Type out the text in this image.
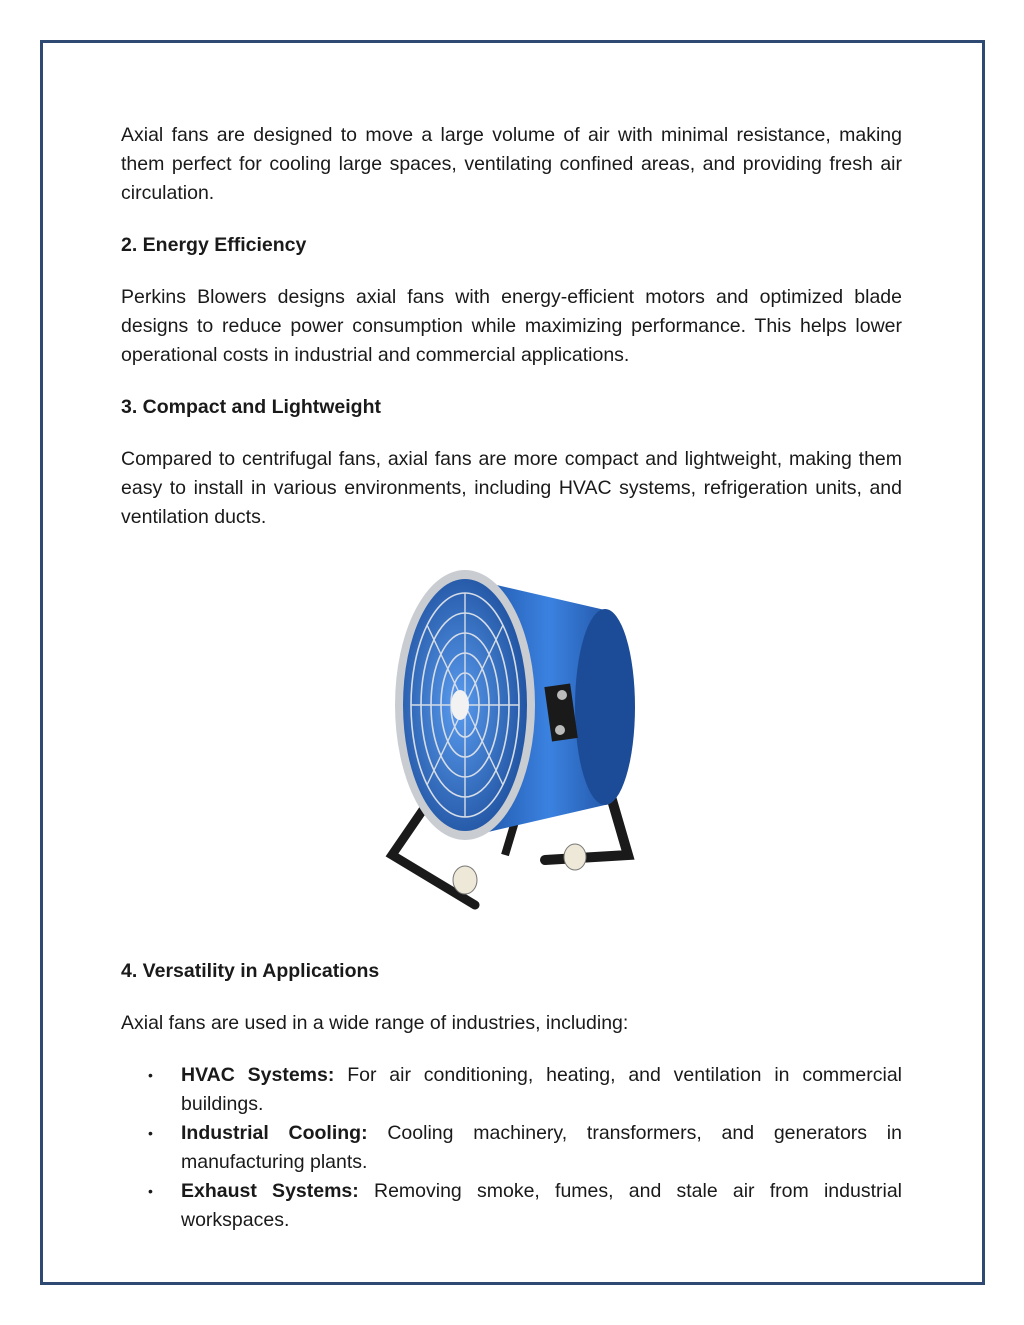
Axial fans are designed to move a large volume of air with minimal resistance, making them perfect for cooling large spaces, ventilating confined areas, and providing fresh air circulation.

2. Energy Efficiency

Perkins Blowers designs axial fans with energy-efficient motors and optimized blade designs to reduce power consumption while maximizing performance. This helps lower operational costs in industrial and commercial applications.

3. Compact and Lightweight

Compared to centrifugal fans, axial fans are more compact and lightweight, making them easy to install in various environments, including HVAC systems, refrigeration units, and ventilation ducts.

4. Versatility in Applications

Axial fans are used in a wide range of industries, including:

• HVAC Systems: For air conditioning, heating, and ventilation in commercial buildings.
• Industrial Cooling: Cooling machinery, transformers, and generators in manufacturing plants.
• Exhaust Systems: Removing smoke, fumes, and stale air from industrial workspaces.
